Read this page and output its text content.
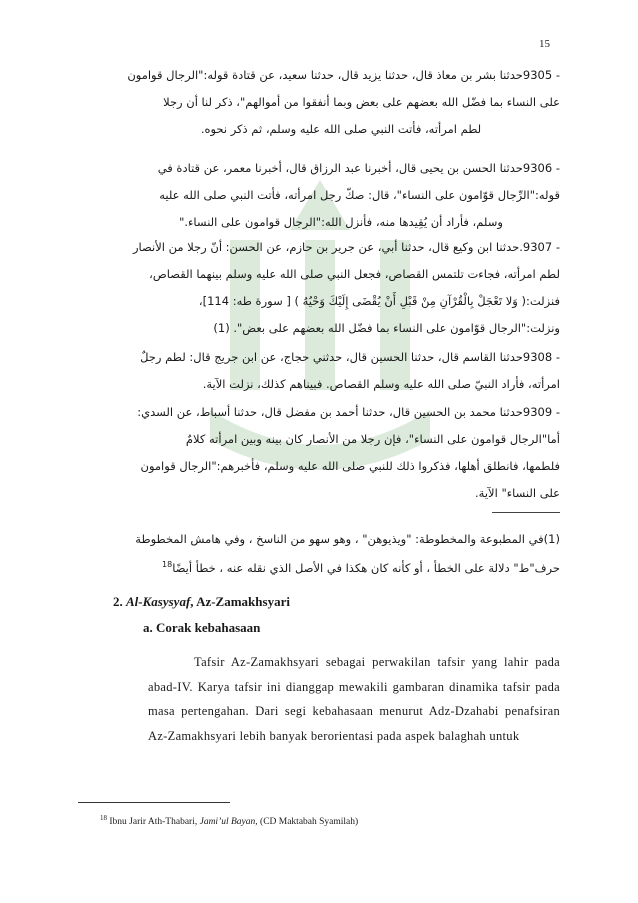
15
- 9305حدثنا بشر بن معاذ قال، حدثنا يزيد قال، حدثنا سعيد، عن قتادة قوله:"الرجال قوامون
على النساء بما فضّل الله بعضهم على بعض وبما أنفقوا من أموالهم"، ذكر لنا أن رجلا
لطم امرأته، فأتت النبي صلى الله عليه وسلم، ثم ذكر نحوه.
- 9306حدثنا الحسن بن يحيى قال، أخبرنا عبد الرزاق قال، أخبرنا معمر، عن قتادة في
قوله:"الرِّجال قوّامون على النساء"، قال: صكّ رجل امرأته، فأتت النبي صلى الله عليه
وسلم، فأراد أن يُقِيدها منه، فأنزل الله:"الرجال قوامون على النساء."
- 9307.حدثنا ابن وكيع قال، حدثنا أبي، عن جرير بن حازم، عن الحسن: أنّ رجلا من الأنصار
لطم امرأته، فجاءت تلتمس القصاص، فجعل النبي صلى الله عليه وسلم بينهما القصاص،
فنزلت:( وَلا تَعْجَلْ بِالْقُرْآنِ مِنْ قَبْلِ أَنْ يُقْضَى إِلَيْكَ وَحْيُهُ ) [ سورة طه: 114]،
ونزلت:"الرجال قوّامون على النساء بما فضّل الله بعضهم على بعض". (1)
- 9308حدثنا القاسم قال، حدثنا الحسين قال، حدثني حجاج، عن ابن جريج قال: لطم رجلٌ
امرأته، فأراد النبيّ صلى الله عليه وسلم القصاص. فبيناهم كذلك، نزلت الآية.
- 9309حدثنا محمد بن الحسين قال، حدثنا أحمد بن مفضل قال، حدثنا أسباط، عن السدي:
أما"الرجال قوامون على النساء"، فإن رجلا من الأنصار كان بينه وبين امرأته كلامٌ
فلطمها، فانطلق أهلها، فذكروا ذلك للنبي صلى الله عليه وسلم، فأخبرهم:"الرجال قوامون
على النساء" الآية.
(1)في المطبوعة والمخطوطة: "ويذيوهن" ، وهو سهو من الناسخ ، وفي هامش المخطوطة
حرف"ط" دلالة على الخطأ ، أو كأنه كان هكذا في الأصل الذي نقله عنه ، خطأ أيضًا$^{18}$
2. Al-Kasysyaf, Az-Zamakhsyari
a. Corak kebahasaan

Tafsir Az-Zamakhsyari sebagai perwakilan tafsir yang lahir pada abad-IV. Karya tafsir ini dianggap mewakili gambaran dinamika tafsir pada masa pertengahan. Dari segi kebahasaan menurut Adz-Dzahabi penafsiran Az-Zamakhsyari lebih banyak berorientasi pada aspek balaghah untuk

$^{18}$ Ibnu Jarir Ath-Thabari, Jami’ul Bayan, (CD Maktabah Syamilah)
